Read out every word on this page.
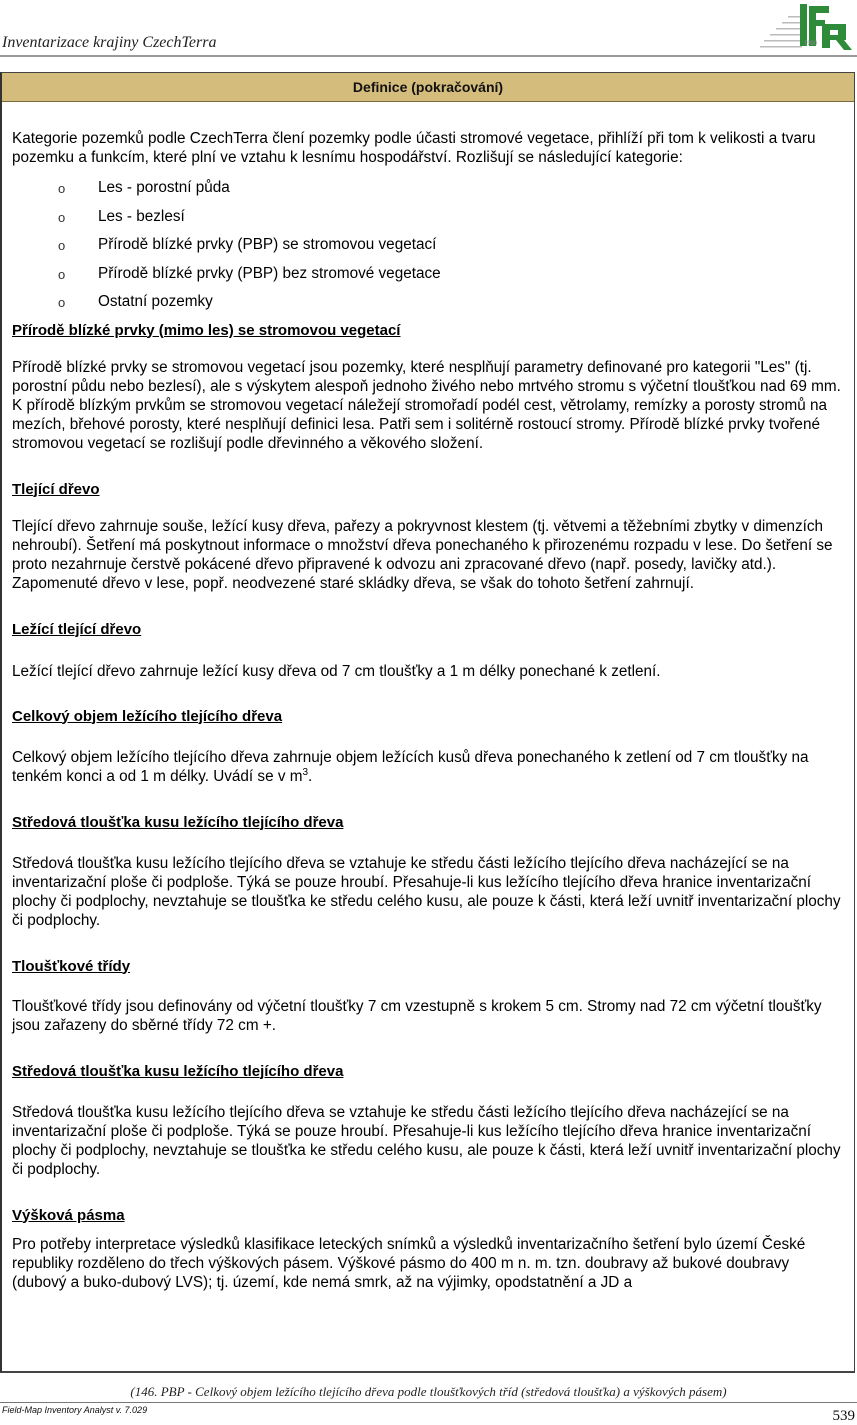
Inventarizace krajiny CzechTerra	1990
Definice (pokračování)

Kategorie pozemků podle CzechTerra člení pozemky podle účasti stromové vegetace, přihlíží při tom k velikosti a tvaru pozemku a funkcím, které plní ve vztahu k lesnímu hospodářství. Rozlišují se následující kategorie:

o Les - porostní půda
o Les - bezlesí
o Přírodě blízké prvky (PBP) se stromovou vegetací
o Přírodě blízké prvky (PBP) bez stromové vegetace
o Ostatní pozemky

Přírodě blízké prvky (mimo les) se stromovou vegetací

Přírodě blízké prvky se stromovou vegetací jsou pozemky, které nesplňují parametry definované pro kategorii "Les" (tj. porostní půdu nebo bezlesí), ale s výskytem alespoň jednoho živého nebo mrtvého stromu s výčetní tloušťkou nad 69 mm. K přírodě blízkým prvkům se stromovou vegetací náležejí stromořadí podél cest, větrolamy, remízky a porosty stromů na mezích, břehové porosty, které nesplňují definici lesa. Patři sem i solitérně rostoucí stromy. Přírodě blízké prvky tvořené stromovou vegetací se rozlišují podle dřevinného a věkového složení.

Tlející dřevo

Tlející dřevo zahrnuje souše, ležící kusy dřeva, pařezy a pokryvnost klestem (tj. větvemi a těžebními zbytky v dimenzích nehroubí). Šetření má poskytnout informace o množství dřeva ponechaného k přirozenému rozpadu v lese. Do šetření se proto nezahrnuje čerstvě pokácené dřevo připravené k odvozu ani zpracované dřevo (např. posedy, lavičky atd.). Zapomenuté dřevo v lese, popř. neodvezené staré skládky dřeva, se však do tohoto šetření zahrnují.

Ležící tlející dřevo

Ležící tlející dřevo zahrnuje ležící kusy dřeva od 7 cm tloušťky a 1 m délky ponechané k zetlení.

Celkový objem ležícího tlejícího dřeva

Celkový objem ležícího tlejícího dřeva zahrnuje objem ležících kusů dřeva ponechaného k zetlení od 7 cm tloušťky na tenkém konci a od 1 m délky. Uvádí se v $m^3$.

Středová tloušťka kusu ležícího tlejícího dřeva

Středová tloušťka kusu ležícího tlejícího dřeva se vztahuje ke středu části ležícího tlejícího dřeva nacházející se na inventarizační ploše či podploše. Týká se pouze hroubí. Přesahuje-li kus ležícího tlejícího dřeva hranice inventarizační plochy či podplochy, nevztahuje se tloušťka ke středu celého kusu, ale pouze k části, která leží uvnitř inventarizační plochy či podplochy.

Tloušťkové třídy

Tloušťkové třídy jsou definovány od výčetní tloušťky 7 cm vzestupně s krokem 5 cm. Stromy nad 72 cm výčetní tloušťky jsou zařazeny do sběrné třídy 72 cm +.

Středová tloušťka kusu ležícího tlejícího dřeva

Středová tloušťka kusu ležícího tlejícího dřeva se vztahuje ke středu části ležícího tlejícího dřeva nacházející se na inventarizační ploše či podploše. Týká se pouze hroubí. Přesahuje-li kus ležícího tlejícího dřeva hranice inventarizační plochy či podplochy, nevztahuje se tloušťka ke středu celého kusu, ale pouze k části, která leží uvnitř inventarizační plochy či podplochy.

Výšková pásma

Pro potřeby interpretace výsledků klasifikace leteckých snímků a výsledků inventarizačního šetření bylo území České republiky rozděleno do třech výškových pásem. Výškové pásmo do 400 m n. m. tzn. doubravy až bukové doubravy (dubový a buko-dubový LVS); tj. území, kde nemá smrk, až na výjimky, opodstatnění a JD a

(146. PBP - Celkový objem ležícího tlejícího dřeva podle tloušťkových tříd (středová tloušťka) a výškových pásem)
Field-Map Inventory Analyst v. 7.029	539
